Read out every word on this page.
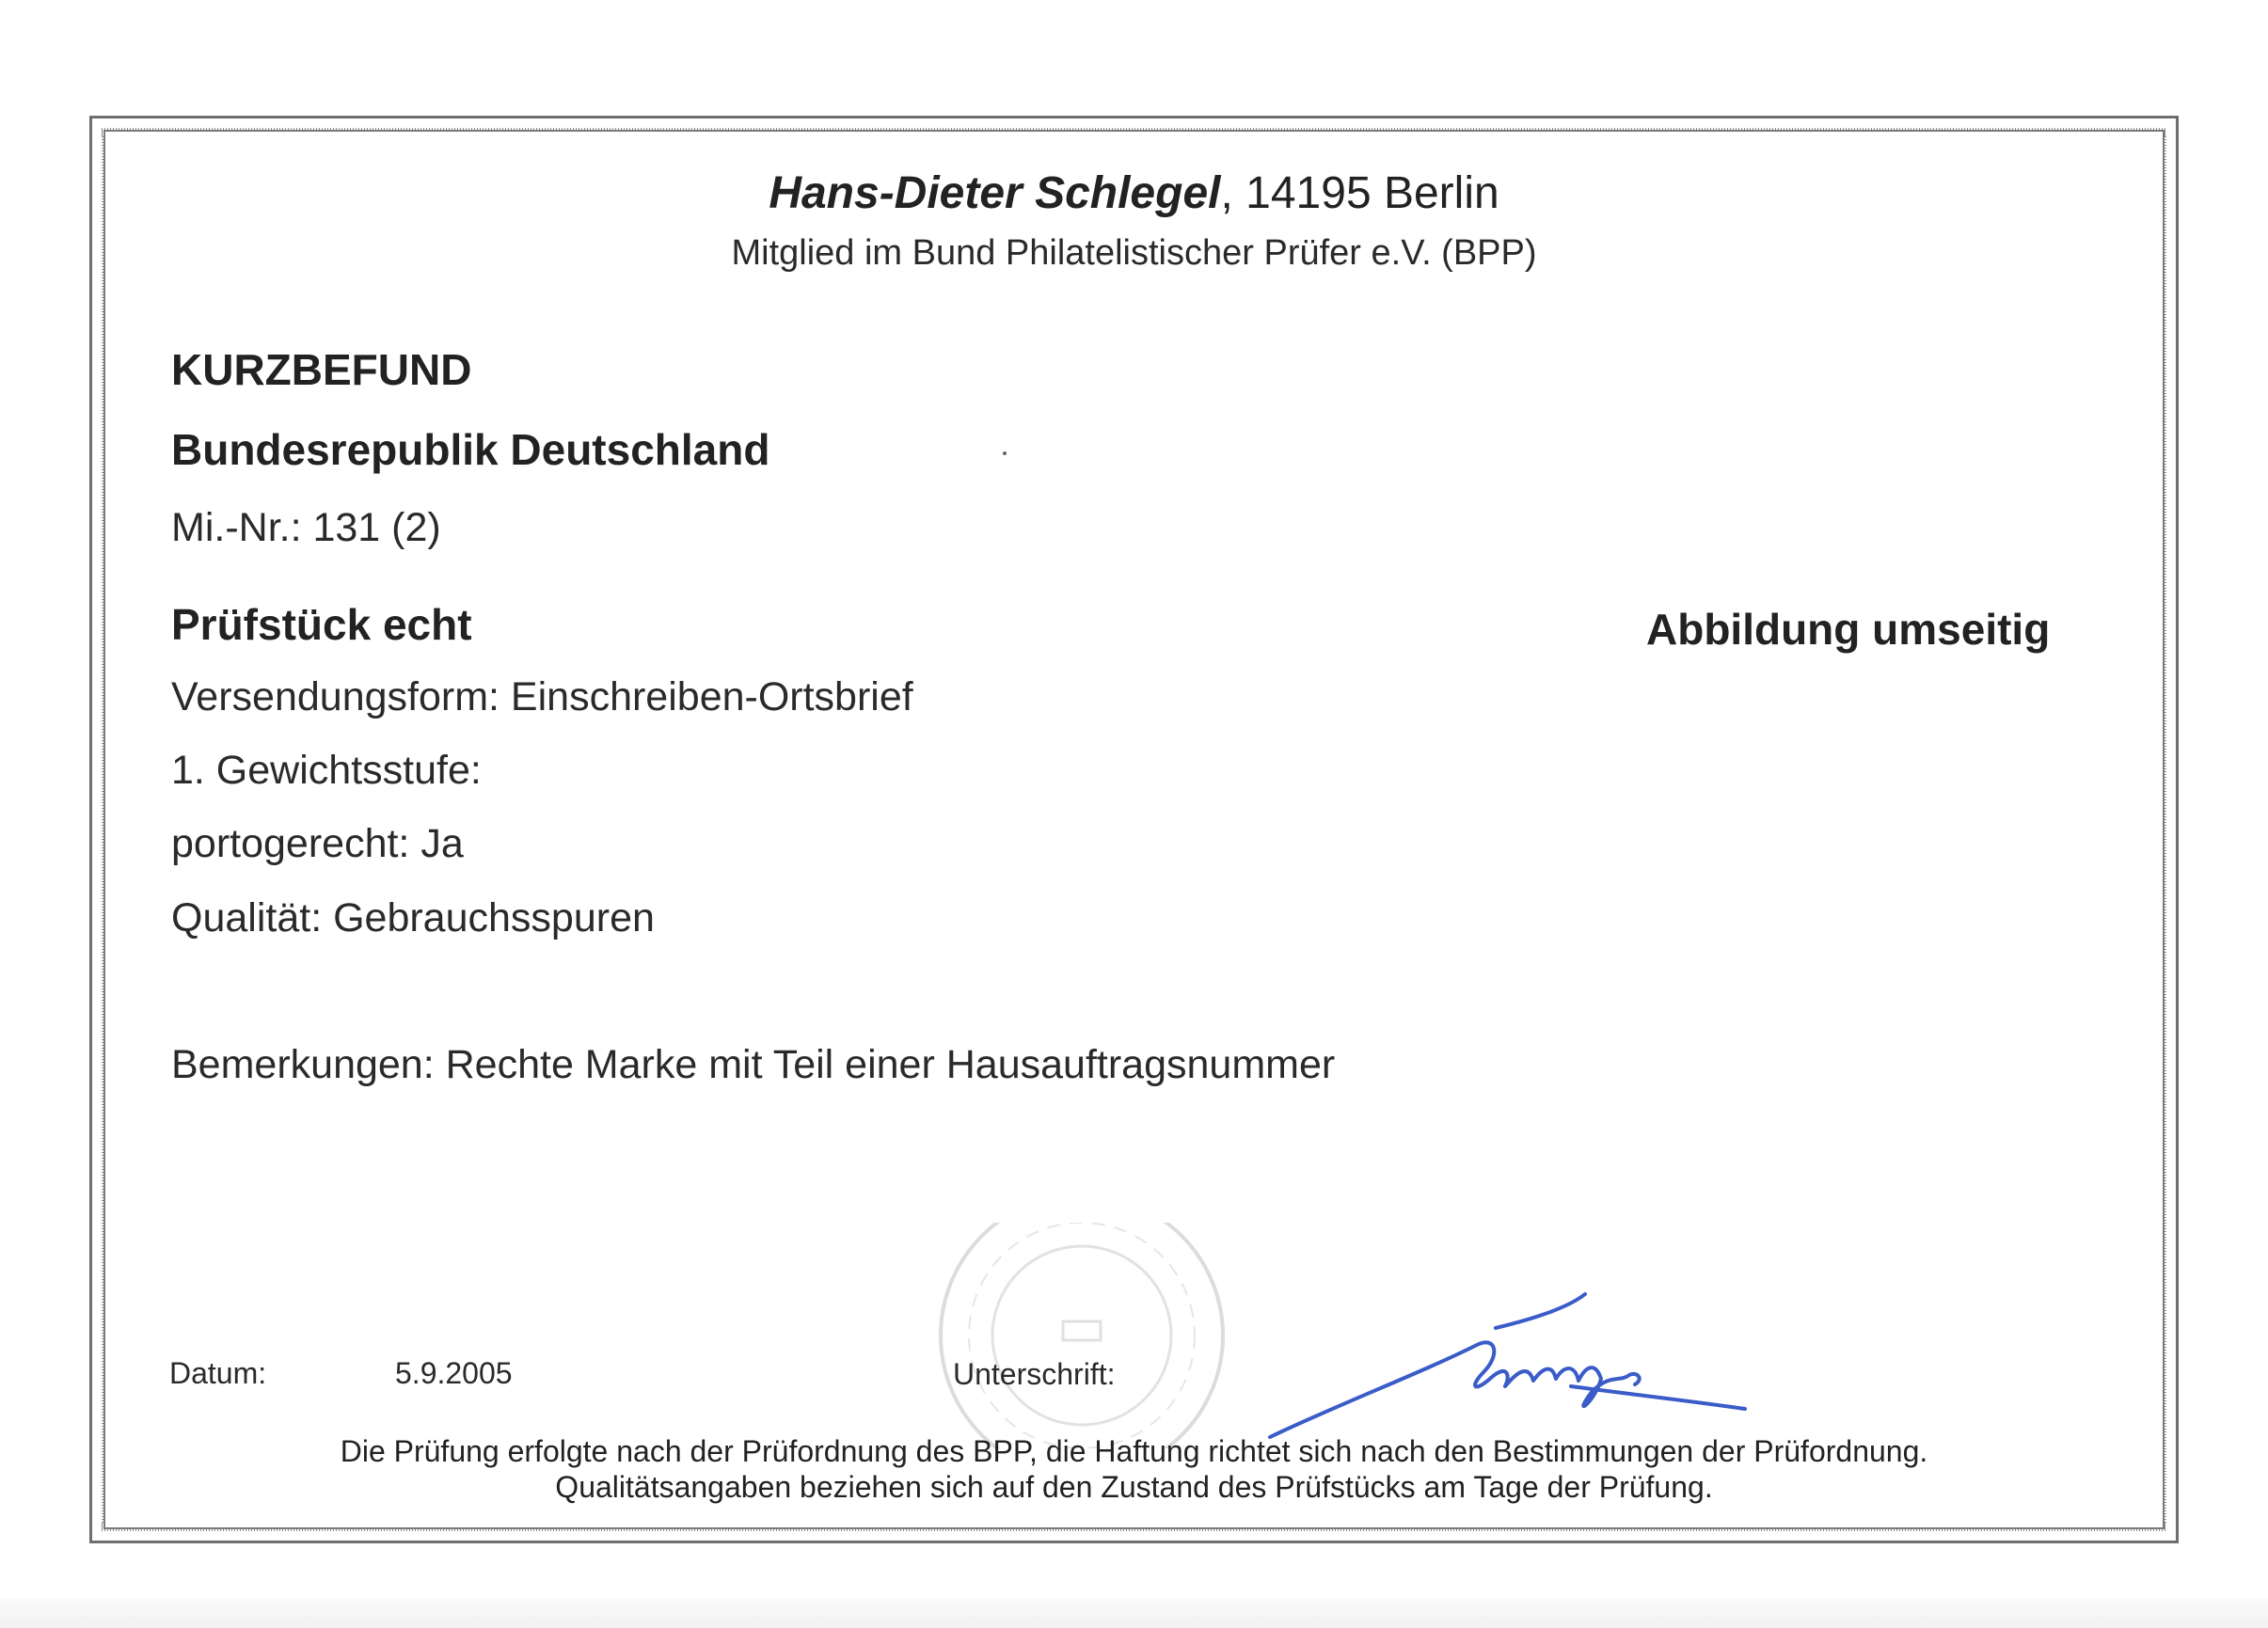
Hans-Dieter Schlegel, 14195 Berlin
Mitglied im Bund Philatelistischer Prüfer e.V. (BPP)
KURZBEFUND
Bundesrepublik Deutschland
Mi.-Nr.: 131 (2)
Prüfstück echt	Abbildung umseitig
Versendungsform: Einschreiben-Ortsbrief
1. Gewichtsstufe:
portogerecht: Ja
Qualität: Gebrauchsspuren
Bemerkungen: Rechte Marke mit Teil einer Hausauftragsnummer
Datum:	5.9.2005	Unterschrift:
Die Prüfung erfolgte nach der Prüfordnung des BPP, die Haftung richtet sich nach den Bestimmungen der Prüfordnung.
Qualitätsangaben beziehen sich auf den Zustand des Prüfstücks am Tage der Prüfung.
